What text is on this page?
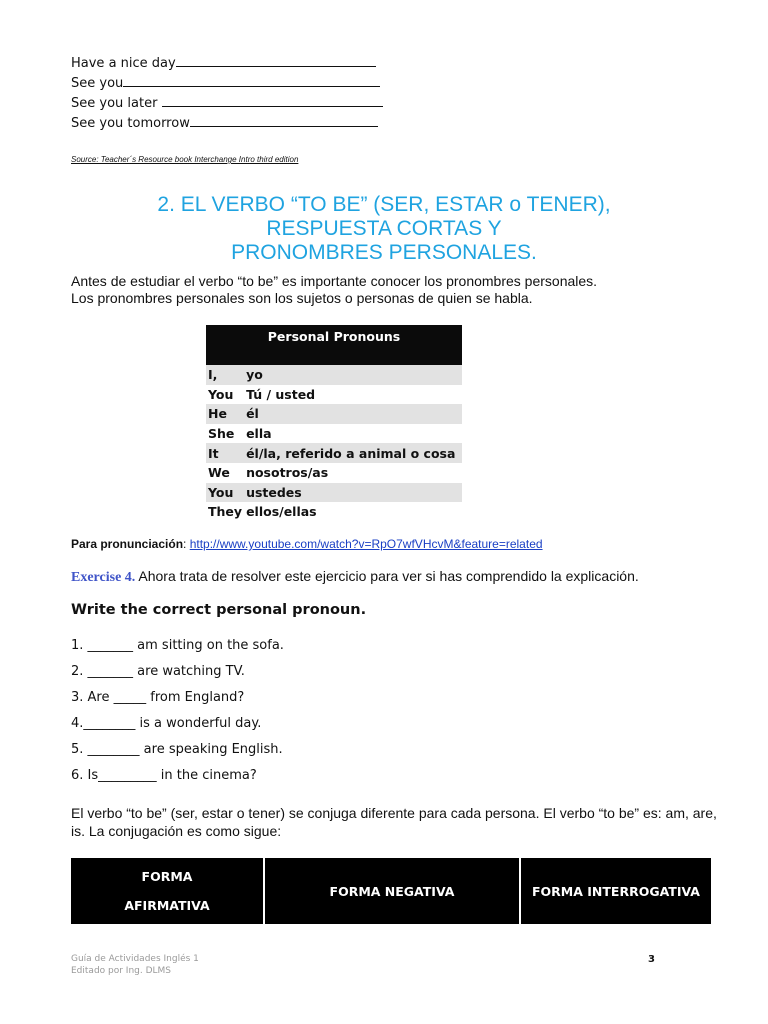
Have a nice day
See you
See you later
See you tomorrow
Source: Teacher´s Resource book Interchange Intro third edition
2. EL VERBO “TO BE” (SER, ESTAR o TENER),
RESPUESTA CORTAS Y
PRONOMBRES PERSONALES.
Antes de estudiar el verbo “to be” es importante conocer los pronombres personales.
Los pronombres personales son los sujetos o personas de quien se habla.
Personal Pronouns	
I,	yo
You	Tú / usted
He	él
She	ella
It	él/la, referido a animal o cosa
We	nosotros/as
You	ustedes
They	ellos/ellas
Para pronunciación: http://www.youtube.com/watch?v=RpO7wfVHcvM&feature=related
Exercise 4. Ahora trata de resolver este ejercicio para ver si has comprendido la explicación.
Write the correct personal pronoun.
1. _______ am sitting on the sofa.
2. _______ are watching TV.
3. Are _____ from England?
4.________ is a wonderful day.
5. ________ are speaking English.
6. Is_________ in the cinema?
El verbo “to be” (ser, estar o tener) se conjuga diferente para cada persona. El verbo “to be” es: am, are, is. La conjugación es como sigue:
FORMA
AFIRMATIVA
	FORMA NEGATIVA	FORMA INTERROGATIVA
Guía de Actividades Inglés 1
Editado por Ing. DLMS
3
